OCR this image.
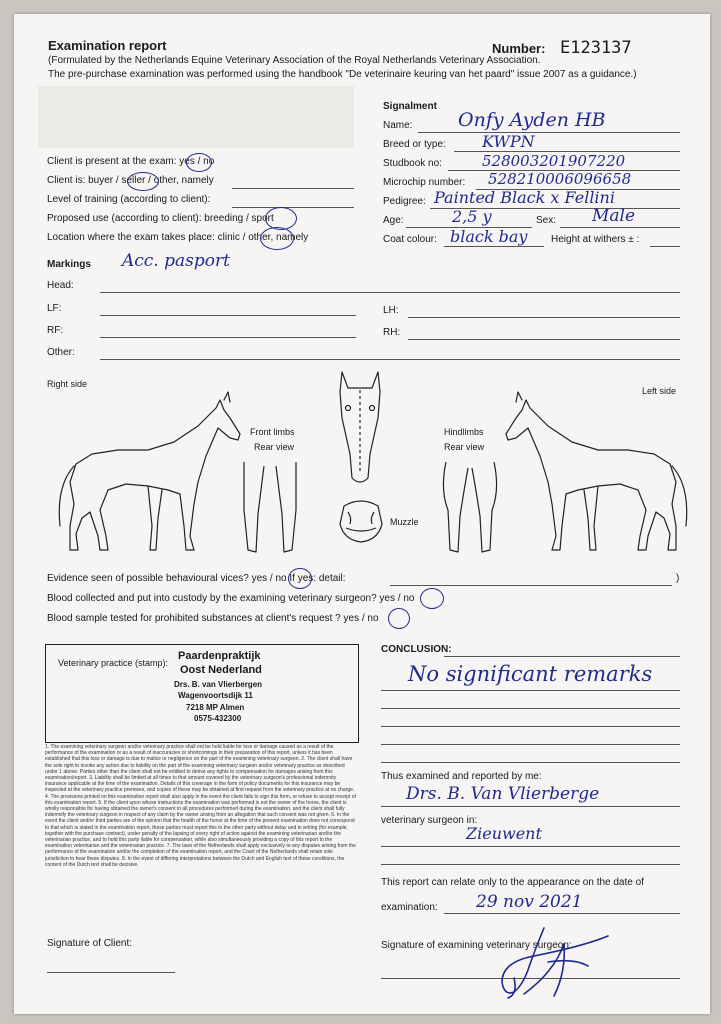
Examination report
(Formulated by the Netherlands Equine Veterinary Association of the Royal Netherlands Veterinary Association.
The pre-purchase examination was performed using the handbook "De veterinaire keuring van het paard" issue 2007 as a guidance.)
Number: E123137
Client is present at the exam: yes / no
Client is: buyer / seller / other, namely
Level of training (according to client):
Proposed use (according to client): breeding / sport
Location where the exam takes place: clinic / other, namely
Signalment
Name: Onfy Ayden HB
Breed or type: KWPN
Studbook no:	528003201907220
Microchip number: 528210006096658
Pedigree: Painted Black x Fellini
Age:	2,5 y	Sex: Male
Coat colour: black bay Height at withers ± :
Markings Acc. pasport
Head:
LF:	LH:
RF:	RH:
Other:
Right side
Left side
Front limbs
Rear view
Hindlimbs
Rear view
Muzzle
Evidence seen of possible behavioural vices? yes / no If yes: detail:	)
Blood collected and put into custody by the examining veterinary surgeon? yes / no
Blood sample tested for prohibited substances at client's request ? yes / no
Veterinary practice (stamp):
Paardenpraktijk
Oost Nederland
Drs. B. van Vlierbergen
Wagenvoortsdijk 11
7218 MP Almen
0575-432300
1. The examining veterinary surgeon and/or veterinary practice shall not be held liable for loss or damage caused as a result of the performance of the examination or as a result of inaccuracies or shortcomings in their preparation of this report, unless it has been established that this loss or damage is due to malice or negligence on the part of the examining veterinary surgeon. 2. The client shall have the sole right to invoke any action due to liability on the part of the examining veterinary surgeon and/or veterinary practice as described under 1 above. Parties other than the client shall not be entitled to derive any rights to compensation for damages arising from this examination/report. 3. Liability shall be limited at all times to that amount covered by the veterinary surgeon's professional indemnity insurance applicable at the time of the examination. Details of this coverage in the form of policy documents for this insurance may be inspected at the veterinary practice premises, and copies of these may be obtained at first request from the veterinary practice at no charge. 4. The provisions printed on this examination report shall also apply in the event the client fails to sign this form, or refuse to accept receipt of this examination report. 5. If the client upon whose instructions the examination was performed is not the owner of the horse, the client is wholly responsible for having obtained the owner's consent to all procedures performed during the examination, and the client shall fully indemnify the veterinary surgeon in respect of any claim by the owner arising from an allegation that such consent was not given. 6. In the event the client and/or third parties are of the opinion that the health of the horse at the time of the present examination does not correspond to that which is stated in the examination report, these parties must report this to the other party without delay and in writing (for example, together with the purchase contract), under penalty of the lapsing of every right of action against the examining veterinarian and/or the veterinarian practice, and to hold this party liable for compensation, while also simultaneously providing a copy of this report to the examination veterinarian and the veterinarian practice. 7. The laws of the Netherlands shall apply exclusively to any disputes arising from the performance of the examination and/or the completion of the examination report, and the Court of the Netherlands shall retain sole jurisdiction to hear these disputes. 8. In the event of differing interpretations between the Dutch and English text of these conditions, the content of the Dutch text shall be decisive.
CONCLUSION:
No significant remarks
Thus examined and reported by me:
Drs. B. Van Vlierberge
veterinary surgeon in:
Zieuwent
This report can relate only to the appearance on the date of
examination: 29 nov 2021
Signature of Client:	Signature of examining veterinary surgeon:
